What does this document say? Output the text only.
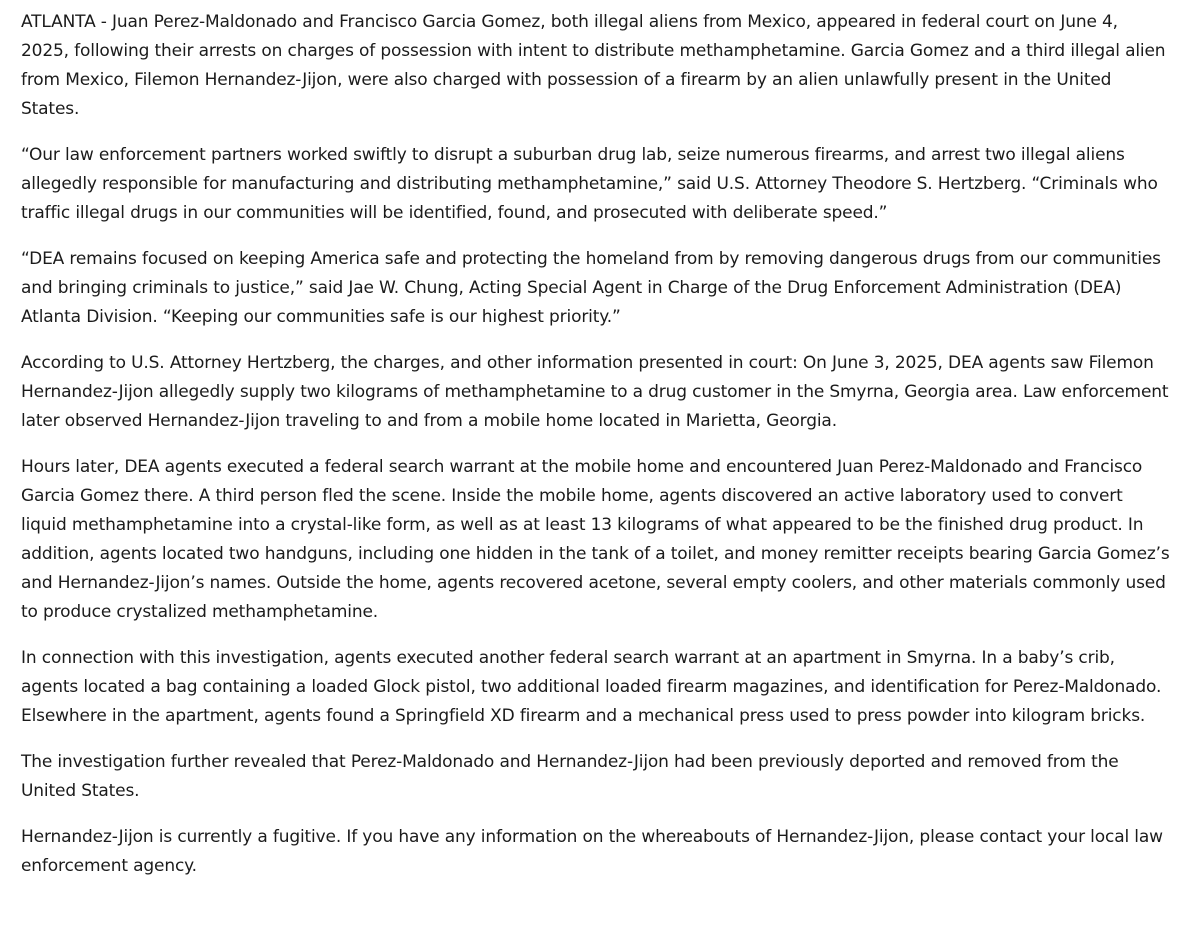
ATLANTA - Juan Perez-Maldonado and Francisco Garcia Gomez, both illegal aliens from Mexico, appeared in federal court on June 4, 2025, following their arrests on charges of possession with intent to distribute methamphetamine. Garcia Gomez and a third illegal alien from Mexico, Filemon Hernandez-Jijon, were also charged with possession of a firearm by an alien unlawfully present in the United States.

“Our law enforcement partners worked swiftly to disrupt a suburban drug lab, seize numerous firearms, and arrest two illegal aliens allegedly responsible for manufacturing and distributing methamphetamine,” said U.S. Attorney Theodore S. Hertzberg. “Criminals who traffic illegal drugs in our communities will be identified, found, and prosecuted with deliberate speed.”

“DEA remains focused on keeping America safe and protecting the homeland from by removing dangerous drugs from our communities and bringing criminals to justice,” said Jae W. Chung, Acting Special Agent in Charge of the Drug Enforcement Administration (DEA) Atlanta Division. “Keeping our communities safe is our highest priority.”

According to U.S. Attorney Hertzberg, the charges, and other information presented in court: On June 3, 2025, DEA agents saw Filemon Hernandez-Jijon allegedly supply two kilograms of methamphetamine to a drug customer in the Smyrna, Georgia area. Law enforcement later observed Hernandez-Jijon traveling to and from a mobile home located in Marietta, Georgia.

Hours later, DEA agents executed a federal search warrant at the mobile home and encountered Juan Perez-Maldonado and Francisco Garcia Gomez there. A third person fled the scene. Inside the mobile home, agents discovered an active laboratory used to convert liquid methamphetamine into a crystal-like form, as well as at least 13 kilograms of what appeared to be the finished drug product. In addition, agents located two handguns, including one hidden in the tank of a toilet, and money remitter receipts bearing Garcia Gomez’s and Hernandez-Jijon’s names. Outside the home, agents recovered acetone, several empty coolers, and other materials commonly used to produce crystalized methamphetamine.

In connection with this investigation, agents executed another federal search warrant at an apartment in Smyrna. In a baby’s crib, agents located a bag containing a loaded Glock pistol, two additional loaded firearm magazines, and identification for Perez-Maldonado. Elsewhere in the apartment, agents found a Springfield XD firearm and a mechanical press used to press powder into kilogram bricks.

The investigation further revealed that Perez-Maldonado and Hernandez-Jijon had been previously deported and removed from the United States.

Hernandez-Jijon is currently a fugitive. If you have any information on the whereabouts of Hernandez-Jijon, please contact your local law enforcement agency.
